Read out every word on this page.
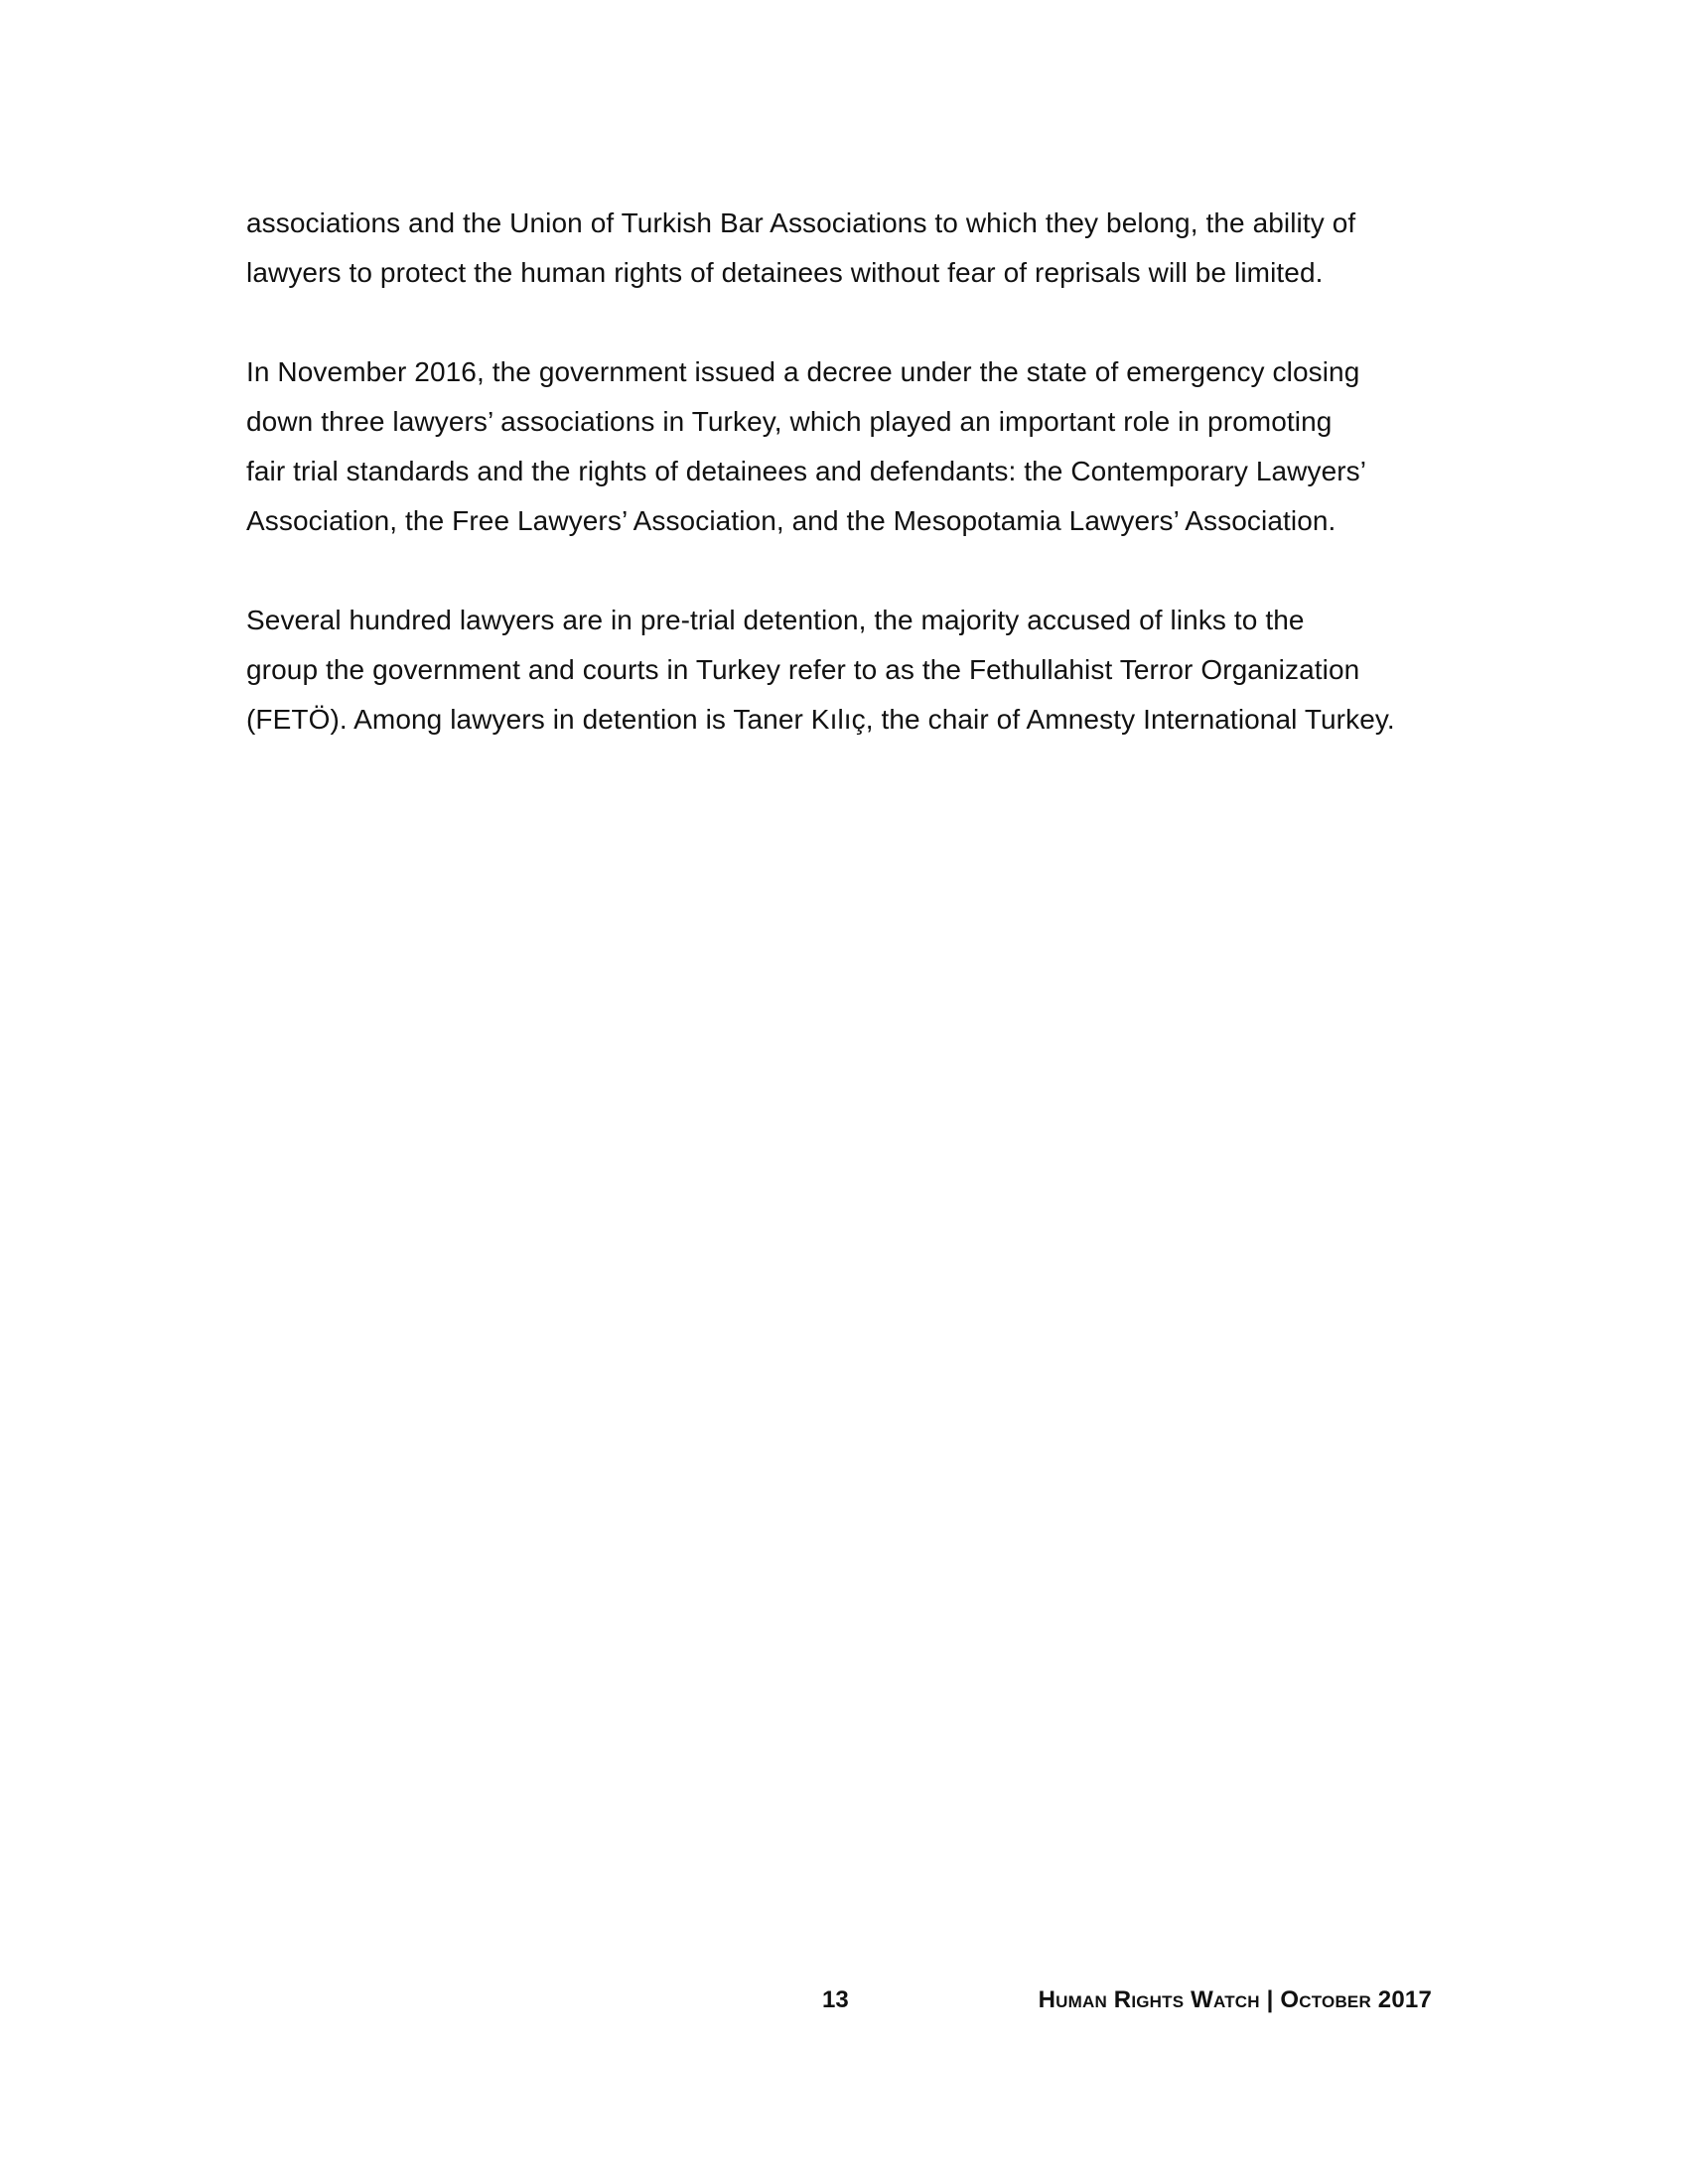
associations and the Union of Turkish Bar Associations to which they belong, the ability of
lawyers to protect the human rights of detainees without fear of reprisals will be limited.

In November 2016, the government issued a decree under the state of emergency closing
down three lawyers’ associations in Turkey, which played an important role in promoting
fair trial standards and the rights of detainees and defendants: the Contemporary Lawyers’
Association, the Free Lawyers’ Association, and the Mesopotamia Lawyers’ Association.

Several hundred lawyers are in pre-trial detention, the majority accused of links to the
group the government and courts in Turkey refer to as the Fethullahist Terror Organization
(FETÖ). Among lawyers in detention is Taner Kılıç, the chair of Amnesty International Turkey.

13	Human Rights Watch | October 2017
